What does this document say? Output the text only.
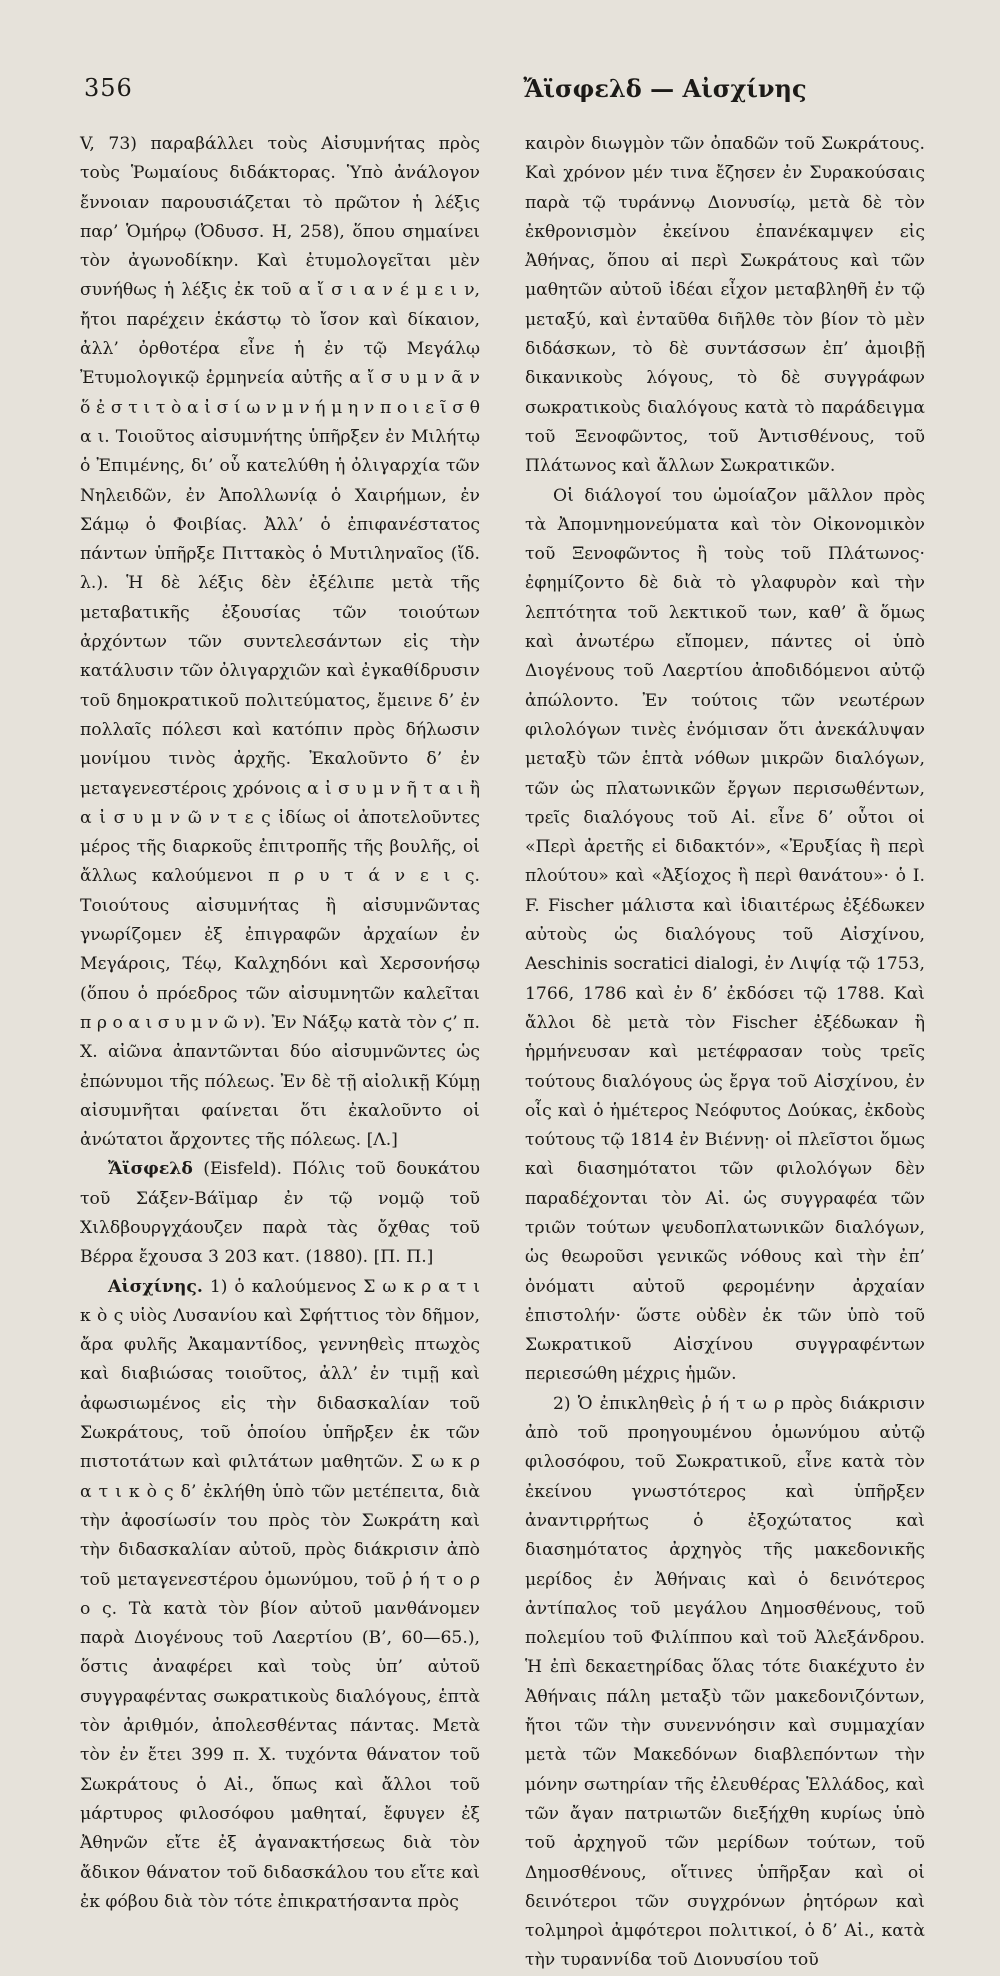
356	Ἄϊσφελδ — Αἰσχίνης

V, 73) παραβάλλει τοὺς Αἰσυμνήτας πρὸς τοὺς Ῥωμαίους διδάκτορας. Ὑπὸ ἀνάλογον ἔννοιαν παρουσιάζεται τὸ πρῶτον ἡ λέξις παρ’ Ὁμήρῳ (Ὀδυσσ. Η, 258), ὅπου σημαίνει τὸν ἀγωνοδίκην. Καὶ ἐτυμολογεῖται μὲν συνήθως ἡ λέξις ἐκ τοῦ α ἴ σ ι α ν έ μ ε ι ν, ἤτοι παρέχειν ἑκάστῳ τὸ ἴσον καὶ δίκαιον, ἀλλ’ ὀρθοτέρα εἶνε ἡ ἐν τῷ Μεγάλῳ Ἐτυμολογικῷ ἑρμηνεία αὐτῆς α ἴ σ υ μ ν ᾶ ν ὅ ἐ σ τ ι τ ὸ α ἰ σ ί ω ν μ ν ή μ η ν π ο ι ε ῖ σ θ α ι. Τοιοῦτος αἰσυμνήτης ὑπῆρξεν ἐν Μιλήτῳ ὁ Ἐπιμένης, δι’ οὗ κατελύθη ἡ ὀλιγαρχία τῶν Νηλειδῶν, ἐν Ἀπολλωνίᾳ ὁ Χαιρήμων, ἐν Σάμῳ ὁ Φοιβίας. Ἀλλ’ ὁ ἐπιφανέστατος πάντων ὑπῆρξε Πιττακὸς ὁ Μυτιληναῖος (ἴδ. λ.). Ἡ δὲ λέξις δὲν ἐξέλιπε μετὰ τῆς μεταβατικῆς ἐξουσίας τῶν τοιούτων ἀρχόντων τῶν συντελεσάντων εἰς τὴν κατάλυσιν τῶν ὀλιγαρχιῶν καὶ ἐγκαθίδρυσιν τοῦ δημοκρατικοῦ πολιτεύματος, ἔμεινε δ’ ἐν πολλαῖς πόλεσι καὶ κατόπιν πρὸς δήλωσιν μονίμου τινὸς ἀρχῆς. Ἐκαλοῦντο δ’ ἐν μεταγενεστέροις χρόνοις α ἰ σ υ μ ν ῆ τ α ι ἢ α ἰ σ υ μ ν ῶ ν τ ε ς ἰδίως οἱ ἀποτελοῦντες μέρος τῆς διαρκοῦς ἐπιτροπῆς τῆς βουλῆς, οἱ ἄλλως καλούμενοι π ρ υ τ ά ν ε ι ς. Τοιούτους αἰσυμνήτας ἢ αἰσυμνῶντας γνωρίζομεν ἐξ ἐπιγραφῶν ἀρχαίων ἐν Μεγάροις, Τέῳ, Καλχηδόνι καὶ Χερσονήσῳ (ὅπου ὁ πρόεδρος τῶν αἰσυμνητῶν καλεῖται π ρ ο α ι σ υ μ ν ῶ ν). Ἐν Νάξῳ κατὰ τὸν ϛ’ π. Χ. αἰῶνα ἀπαντῶνται δύο αἰσυμνῶντες ὡς ἐπώνυμοι τῆς πόλεως. Ἐν δὲ τῇ αἰολικῇ Κύμῃ αἰσυμνῆται φαίνεται ὅτι ἐκαλοῦντο οἱ ἀνώτατοι ἄρχοντες τῆς πόλεως. [Λ.]

Ἄϊσφελδ (Eisfeld). Πόλις τοῦ δουκάτου τοῦ Σάξεν-Βάϊμαρ ἐν τῷ νομῷ τοῦ Χιλδβουργχάουζεν παρὰ τὰς ὄχθας τοῦ Βέρρα ἔχουσα 3 203 κατ. (1880). [Π. Π.]

Αἰσχίνης. 1) ὁ καλούμενος Σ ω κ ρ α τ ι κ ὸ ς υἱὸς Λυσανίου καὶ Σφήττιος τὸν δῆμον, ἄρα φυλῆς Ἀκαμαντίδος, γεννηθεὶς πτωχὸς καὶ διαβιώσας τοιοῦτος, ἀλλ’ ἐν τιμῇ καὶ ἀφωσιωμένος εἰς τὴν διδασκαλίαν τοῦ Σωκράτους, τοῦ ὁποίου ὑπῆρξεν ἐκ τῶν πιστοτάτων καὶ φιλτάτων μαθητῶν. Σ ω κ ρ α τ ι κ ὸ ς δ’ ἐκλήθη ὑπὸ τῶν μετέπειτα, διὰ τὴν ἀφοσίωσίν του πρὸς τὸν Σωκράτη καὶ τὴν διδασκαλίαν αὐτοῦ, πρὸς διάκρισιν ἀπὸ τοῦ μεταγενεστέρου ὁμωνύμου, τοῦ ῥ ή τ ο ρ ο ς. Τὰ κατὰ τὸν βίον αὐτοῦ μανθάνομεν παρὰ Διογένους τοῦ Λαερτίου (Β’, 60—65.), ὅστις ἀναφέρει καὶ τοὺς ὑπ’ αὐτοῦ συγγραφέντας σωκρατικοὺς διαλόγους, ἑπτὰ τὸν ἀριθμόν, ἀπολεσθέντας πάντας. Μετὰ τὸν ἐν ἔτει 399 π. Χ. τυχόντα θάνατον τοῦ Σωκράτους ὁ Αἰ., ὅπως καὶ ἄλλοι τοῦ μάρτυρος φιλοσόφου μαθηταί, ἔφυγεν ἐξ Ἀθηνῶν εἴτε ἐξ ἀγανακτήσεως διὰ τὸν ἄδικον θάνατον τοῦ διδασκάλου του εἴτε καὶ ἐκ φόβου διὰ τὸν τότε ἐπικρατήσαντα πρὸς

καιρὸν διωγμὸν τῶν ὀπαδῶν τοῦ Σωκράτους. Καὶ χρόνον μέν τινα ἔζησεν ἐν Συρακούσαις παρὰ τῷ τυράννῳ Διονυσίῳ, μετὰ δὲ τὸν ἐκθρονισμὸν ἐκείνου ἐπανέκαμψεν εἰς Ἀθήνας, ὅπου αἱ περὶ Σωκράτους καὶ τῶν μαθητῶν αὐτοῦ ἰδέαι εἶχον μεταβληθῆ ἐν τῷ μεταξύ, καὶ ἐνταῦθα διῆλθε τὸν βίον τὸ μὲν διδάσκων, τὸ δὲ συντάσσων ἐπ’ ἀμοιβῇ δικανικοὺς λόγους, τὸ δὲ συγγράφων σωκρατικοὺς διαλόγους κατὰ τὸ παράδειγμα τοῦ Ξενοφῶντος, τοῦ Ἀντισθένους, τοῦ Πλάτωνος καὶ ἄλλων Σωκρατικῶν.

Οἱ διάλογοί του ὡμοίαζον μᾶλλον πρὸς τὰ Ἀπομνημονεύματα καὶ τὸν Οἰκονομικὸν τοῦ Ξενοφῶντος ἢ τοὺς τοῦ Πλάτωνος· ἐφημίζοντο δὲ διὰ τὸ γλαφυρὸν καὶ τὴν λεπτότητα τοῦ λεκτικοῦ των, καθ’ ἃ ὅμως καὶ ἀνωτέρω εἴπομεν, πάντες οἱ ὑπὸ Διογένους τοῦ Λαερτίου ἀποδιδόμενοι αὐτῷ ἀπώλοντο. Ἐν τούτοις τῶν νεωτέρων φιλολόγων τινὲς ἐνόμισαν ὅτι ἀνεκάλυψαν μεταξὺ τῶν ἑπτὰ νόθων μικρῶν διαλόγων, τῶν ὡς πλατωνικῶν ἔργων περισωθέντων, τρεῖς διαλόγους τοῦ Αἰ. εἶνε δ’ οὗτοι οἱ «Περὶ ἀρετῆς εἰ διδακτόν», «Ἐρυξίας ἢ περὶ πλούτου» καὶ «Ἀξίοχος ἢ περὶ θανάτου»· ὁ I. F. Fischer μάλιστα καὶ ἰδιαιτέρως ἐξέδωκεν αὐτοὺς ὡς διαλόγους τοῦ Αἰσχίνου, Aeschinis socratici dialogi, ἐν Λιψίᾳ τῷ 1753, 1766, 1786 καὶ ἐν δ’ ἐκδόσει τῷ 1788. Καὶ ἄλλοι δὲ μετὰ τὸν Fischer ἐξέδωκαν ἢ ἡρμήνευσαν καὶ μετέφρασαν τοὺς τρεῖς τούτους διαλόγους ὡς ἔργα τοῦ Αἰσχίνου, ἐν οἷς καὶ ὁ ἡμέτερος Νεόφυτος Δούκας, ἐκδοὺς τούτους τῷ 1814 ἐν Βιέννῃ· οἱ πλεῖστοι ὅμως καὶ διασημότατοι τῶν φιλολόγων δὲν παραδέχονται τὸν Αἰ. ὡς συγγραφέα τῶν τριῶν τούτων ψευδοπλατωνικῶν διαλόγων, ὡς θεωροῦσι γενικῶς νόθους καὶ τὴν ἐπ’ ὀνόματι αὐτοῦ φερομένην ἀρχαίαν ἐπιστολήν· ὥστε οὐδὲν ἐκ τῶν ὑπὸ τοῦ Σωκρατικοῦ Αἰσχίνου συγγραφέντων περιεσώθη μέχρις ἡμῶν.

2) Ὁ ἐπικληθεὶς ῥ ή τ ω ρ πρὸς διάκρισιν ἀπὸ τοῦ προηγουμένου ὁμωνύμου αὐτῷ φιλοσόφου, τοῦ Σωκρατικοῦ, εἶνε κατὰ τὸν ἐκείνου γνωστότερος καὶ ὑπῆρξεν ἀναντιρρήτως ὁ ἐξοχώτατος καὶ διασημότατος ἀρχηγὸς τῆς μακεδονικῆς μερίδος ἐν Ἀθήναις καὶ ὁ δεινότερος ἀντίπαλος τοῦ μεγάλου Δημοσθένους, τοῦ πολεμίου τοῦ Φιλίππου καὶ τοῦ Ἀλεξάνδρου. Ἡ ἐπὶ δεκαετηρίδας ὅλας τότε διακέχυτο ἐν Ἀθήναις πάλη μεταξὺ τῶν μακεδονιζόντων, ἤτοι τῶν τὴν συνεννόησιν καὶ συμμαχίαν μετὰ τῶν Μακεδόνων διαβλεπόντων τὴν μόνην σωτηρίαν τῆς ἐλευθέρας Ἑλλάδος, καὶ τῶν ἄγαν πατριωτῶν διεξήχθη κυρίως ὑπὸ τοῦ ἀρχηγοῦ τῶν μερίδων τούτων, τοῦ Δημοσθένους, οἵτινες ὑπῆρξαν καὶ οἱ δεινότεροι τῶν συγχρόνων ῥητόρων καὶ τολμηροὶ ἀμφότεροι πολιτικοί, ὁ δ’ Αἰ., κατὰ τὴν τυραννίδα τοῦ Διονυσίου τοῦ
